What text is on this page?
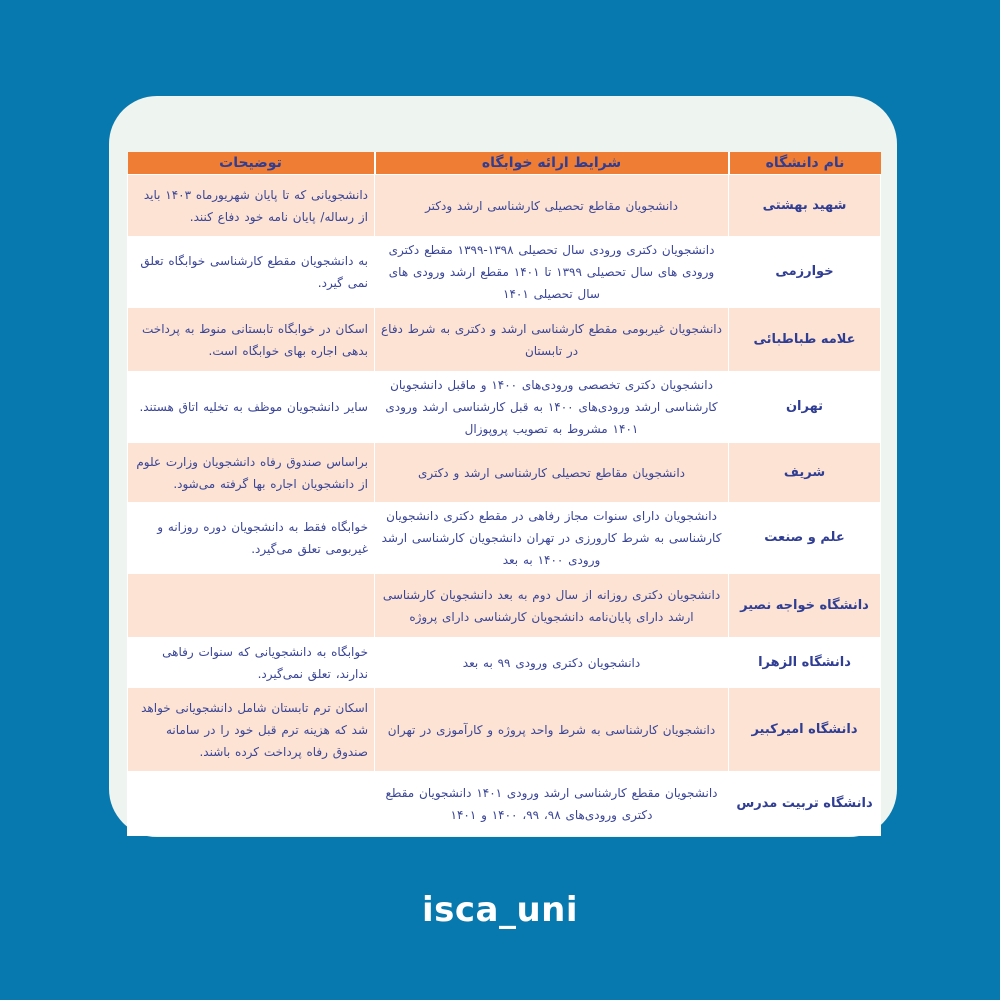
نام دانشگاه	شرایط ارائه خوابگاه	توضیحات
شهید بهشتی	دانشجویان مقاطع تحصیلی کارشناسی ارشد ودکتر	دانشجویانی که تا پایان شهریورماه ۱۴۰۳ باید از رساله/ پایان نامه خود دفاع کنند.
خوارزمی	دانشجویان دکتری ورودی سال تحصیلی ۱۳۹۸-۱۳۹۹ مقطع دکتری ورودی های سال تحصیلی ۱۳۹۹ تا ۱۴۰۱ مقطع ارشد ورودی های سال تحصیلی ۱۴۰۱	به دانشجویان مقطع کارشناسی خوابگاه تعلق نمی گیرد.
علامه طباطبائی	دانشجویان غیربومی مقطع کارشناسی ارشد و دکتری به شرط دفاع در تابستان	اسکان در خوابگاه تابستانی منوط به پرداخت بدهی اجاره بهای خوابگاه است.
تهران	دانشجویان دکتری تخصصی ورودی‌های ۱۴۰۰ و ماقبل دانشجویان کارشناسی ارشد ورودی‌های ۱۴۰۰ به قبل کارشناسی ارشد ورودی ۱۴۰۱ مشروط به تصویب پروپوزال	سایر دانشجویان موظف به تخلیه اتاق هستند.
شریف	دانشجویان مقاطع تحصیلی کارشناسی ارشد و دکتری	براساس صندوق رفاه دانشجویان وزارت علوم از دانشجویان اجاره بها گرفته می‌شود.
علم و صنعت	دانشجویان دارای سنوات مجاز رفاهی در مقطع دکتری دانشجویان کارشناسی به شرط کارورزی در تهران دانشجویان کارشناسی ارشد ورودی ۱۴۰۰ به بعد	خوابگاه فقط به دانشجویان دوره روزانه و غیربومی تعلق می‌گیرد.
دانشگاه خواجه نصیر	دانشجویان دکتری روزانه از سال دوم به بعد دانشجویان کارشناسی ارشد دارای پایان‌نامه دانشجویان کارشناسی دارای پروژه	
دانشگاه الزهرا	دانشجویان دکتری ورودی ۹۹ به بعد	خوابگاه به دانشجویانی که سنوات رفاهی ندارند، تعلق نمی‌گیرد.
دانشگاه امیرکبیر	دانشجویان کارشناسی به شرط واحد پروژه و کارآموزی در تهران	اسکان ترم تابستان شامل دانشجویانی خواهد شد که هزینه ترم قبل خود را در سامانه صندوق رفاه پرداخت کرده باشند.
دانشگاه تربیت مدرس	دانشجویان مقطع کارشناسی ارشد ورودی ۱۴۰۱ دانشجویان مقطع دکتری ورودی‌های ۹۸، ۹۹، ۱۴۰۰ و ۱۴۰۱	
isca_uni
